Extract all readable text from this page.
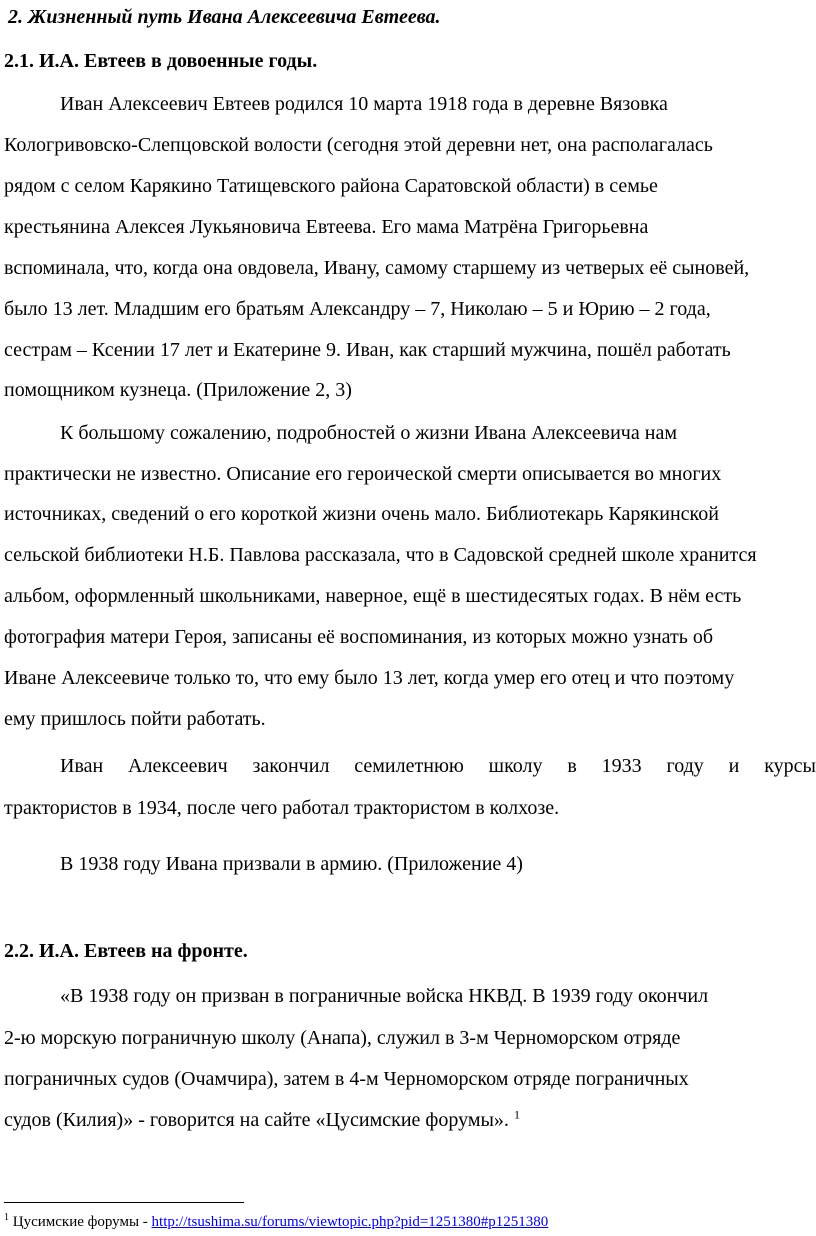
2. Жизненный путь Ивана Алексеевича Евтеева.
2.1. И.А. Евтеев в довоенные годы.
Иван Алексеевич Евтеев родился 10 марта 1918 года в деревне Вязовка
Кологривовско-Слепцовской волости (сегодня этой деревни нет, она располагалась
рядом с селом Карякино Татищевского района Саратовской области) в семье
крестьянина Алексея Лукьяновича Евтеева. Его мама Матрёна Григорьевна
вспоминала, что, когда она овдовела, Ивану, самому старшему из четверых её сыновей,
было 13 лет. Младшим его братьям Александру – 7, Николаю – 5 и Юрию – 2 года,
сестрам – Ксении 17 лет и Екатерине 9. Иван, как старший мужчина, пошёл работать
помощником кузнеца. (Приложение 2, 3)
К большому сожалению, подробностей о жизни Ивана Алексеевича нам
практически не известно. Описание его героической смерти описывается во многих
источниках, сведений о его короткой жизни очень мало. Библиотекарь Карякинской
сельской библиотеки Н.Б. Павлова рассказала, что в Садовской средней школе хранится
альбом, оформленный школьниками, наверное, ещё в шестидесятых годах. В нём есть
фотография матери Героя, записаны её воспоминания, из которых можно узнать об
Иване Алексеевиче только то, что ему было 13 лет, когда умер его отец и что поэтому
ему пришлось пойти работать.
Иван Алексеевич закончил семилетнюю школу в 1933 году и курсы
трактористов в 1934, после чего работал трактористом в колхозе.
В 1938 году Ивана призвали в армию. (Приложение 4)
2.2. И.А. Евтеев на фронте.
«В 1938 году он призван в пограничные войска НКВД. В 1939 году окончил
2-ю морскую пограничную школу (Анапа), служил в 3-м Черноморском отряде
пограничных судов (Очамчира), затем в 4-м Черноморском отряде пограничных
судов (Килия)» - говорится на сайте «Цусимские форумы». $^1$
$^1$ Цусимские форумы - http://tsushima.su/forums/viewtopic.php?pid=1251380#p1251380
